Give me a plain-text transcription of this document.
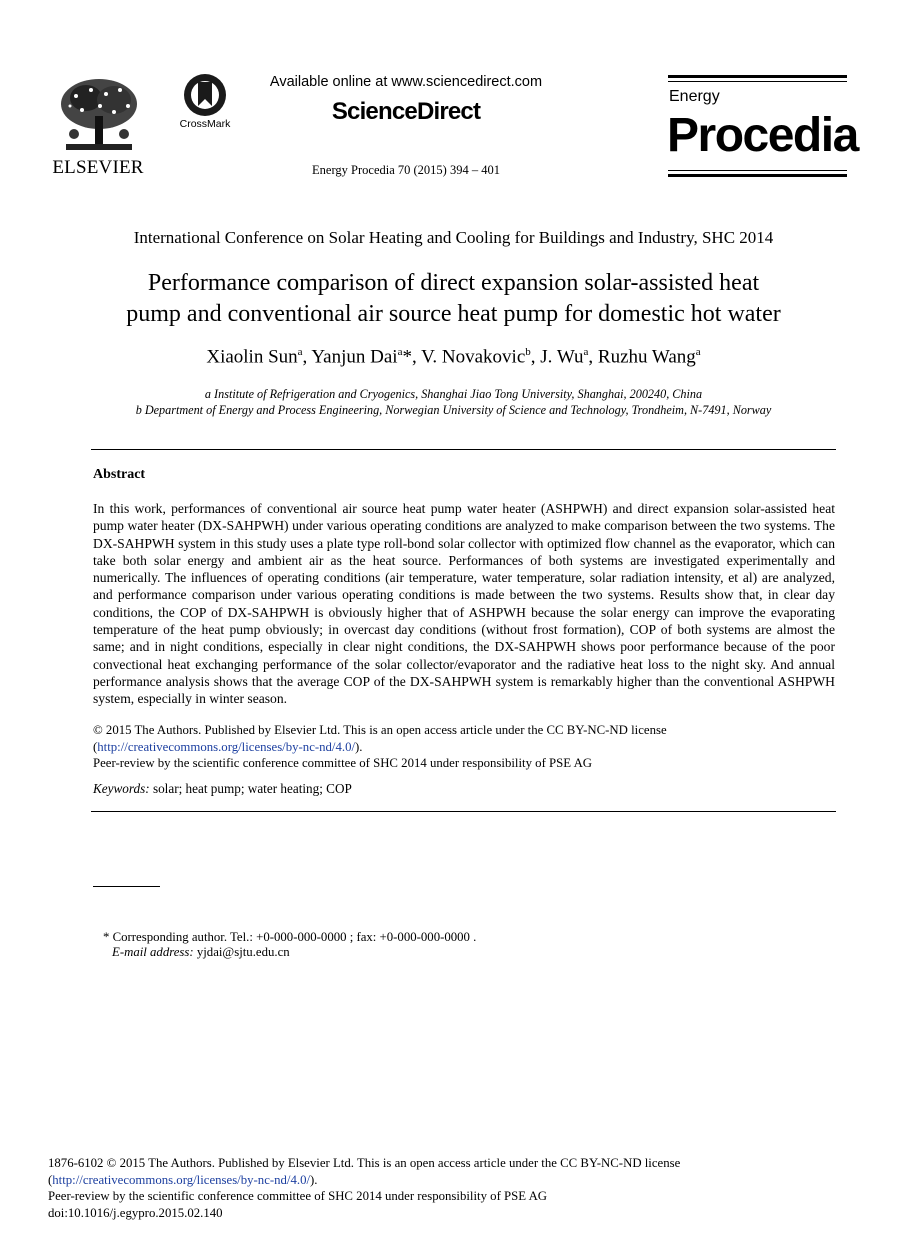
ELSEVIER
CrossMark
Available online at www.sciencedirect.com
ScienceDirect
Energy Procedia 70 (2015) 394 – 401
Energy
Procedia
International Conference on Solar Heating and Cooling for Buildings and Industry, SHC 2014
Performance comparison of direct expansion solar-assisted heat
pump and conventional air source heat pump for domestic hot water
Xiaolin Sun$^a$, Yanjun Dai$^a$*, V. Novakovic$^b$, J. Wu$^a$, Ruzhu Wang$^a$
a Institute of Refrigeration and Cryogenics, Shanghai Jiao Tong University, Shanghai, 200240, China
b Department of Energy and Process Engineering, Norwegian University of Science and Technology, Trondheim, N-7491, Norway
Abstract
In this work, performances of conventional air source heat pump water heater (ASHPWH) and direct expansion solar-assisted heat pump water heater (DX-SAHPWH) under various operating conditions are analyzed to make comparison between the two systems. The DX-SAHPWH system in this study uses a plate type roll-bond solar collector with optimized flow channel as the evaporator, which can take both solar energy and ambient air as the heat source. Performances of both systems are investigated experimentally and numerically. The influences of operating conditions (air temperature, water temperature, solar radiation intensity, et al) are analyzed, and performance comparison under various operating conditions is made between the two systems. Results show that, in clear day conditions, the COP of DX-SAHPWH is obviously higher that of ASHPWH because the solar energy can improve the evaporating temperature of the heat pump obviously; in overcast day conditions (without frost formation), COP of both systems are almost the same; and in night conditions, especially in clear night conditions, the DX-SAHPWH shows poor performance because of the poor convectional heat exchanging performance of the solar collector/evaporator and the radiative heat loss to the night sky. And annual performance analysis shows that the average COP of the DX-SAHPWH system is remarkably higher than the conventional ASHPWH system, especially in winter season.
© 2015 The Authors. Published by Elsevier Ltd. This is an open access article under the CC BY-NC-ND license
(http://creativecommons.org/licenses/by-nc-nd/4.0/).
Peer-review by the scientific conference committee of SHC 2014 under responsibility of PSE AG
Keywords: solar; heat pump; water heating; COP
* Corresponding author. Tel.: +0-000-000-0000 ; fax: +0-000-000-0000 .
E-mail address: yjdai@sjtu.edu.cn
1876-6102 © 2015 The Authors. Published by Elsevier Ltd. This is an open access article under the CC BY-NC-ND license
(http://creativecommons.org/licenses/by-nc-nd/4.0/).
Peer-review by the scientific conference committee of SHC 2014 under responsibility of PSE AG
doi:10.1016/j.egypro.2015.02.140
